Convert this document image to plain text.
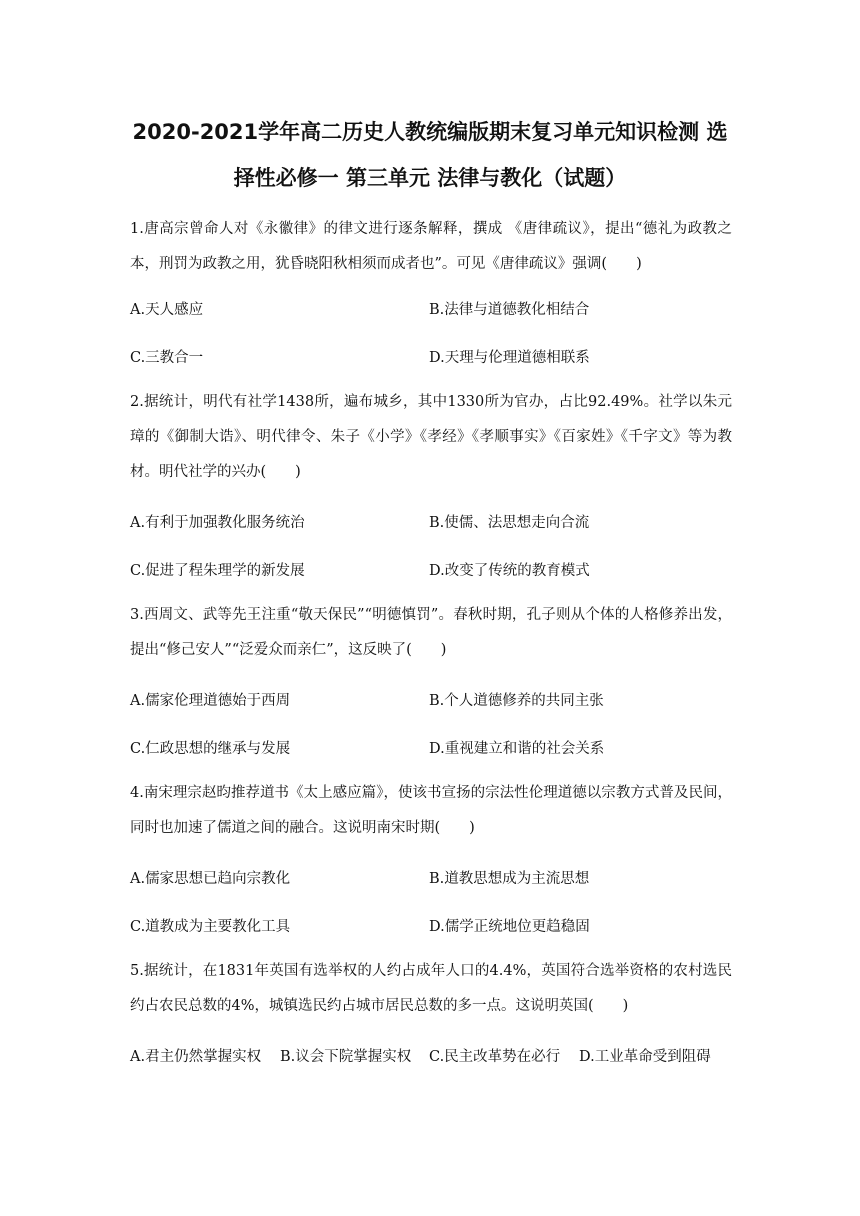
2020-2021学年高二历史人教统编版期末复习单元知识检测 选
择性必修一 第三单元 法律与教化（试题）
1.唐高宗曾命人对《永徽律》的律文进行逐条解释，撰成 《唐律疏议》，提出“德礼为政教之本，刑罚为政教之用，犹昏晓阳秋相须而成者也”。可见《唐律疏议》强调(　　)
A.天人感应	B.法律与道德教化相结合
C.三教合一	D.天理与伦理道德相联系
2.据统计，明代有社学1438所，遍布城乡，其中1330所为官办，占比92.49%。社学以朱元璋的《御制大诰》、明代律令、朱子《小学》《孝经》《孝顺事实》《百家姓》《千字文》等为教材。明代社学的兴办(　　)
A.有利于加强教化服务统治	B.使儒、法思想走向合流
C.促进了程朱理学的新发展	D.改变了传统的教育模式
3.西周文、武等先王注重“敬天保民”“明德慎罚”。春秋时期，孔子则从个体的人格修养出发，提出“修己安人”“泛爱众而亲仁”，这反映了(　　)
A.儒家伦理道德始于西周	B.个人道德修养的共同主张
C.仁政思想的继承与发展	D.重视建立和谐的社会关系
4.南宋理宗赵昀推荐道书《太上感应篇》，使该书宣扬的宗法性伦理道德以宗教方式普及民间，同时也加速了儒道之间的融合。这说明南宋时期(　　)
A.儒家思想已趋向宗教化	B.道教思想成为主流思想
C.道教成为主要教化工具	D.儒学正统地位更趋稳固
5.据统计，在1831年英国有选举权的人约占成年人口的4.4%，英国符合选举资格的农村选民约占农民总数的4%，城镇选民约占城市居民总数的多一点。这说明英国(　　)
A.君主仍然掌握实权 B.议会下院掌握实权 C.民主改革势在必行 D.工业革命受到阻碍
